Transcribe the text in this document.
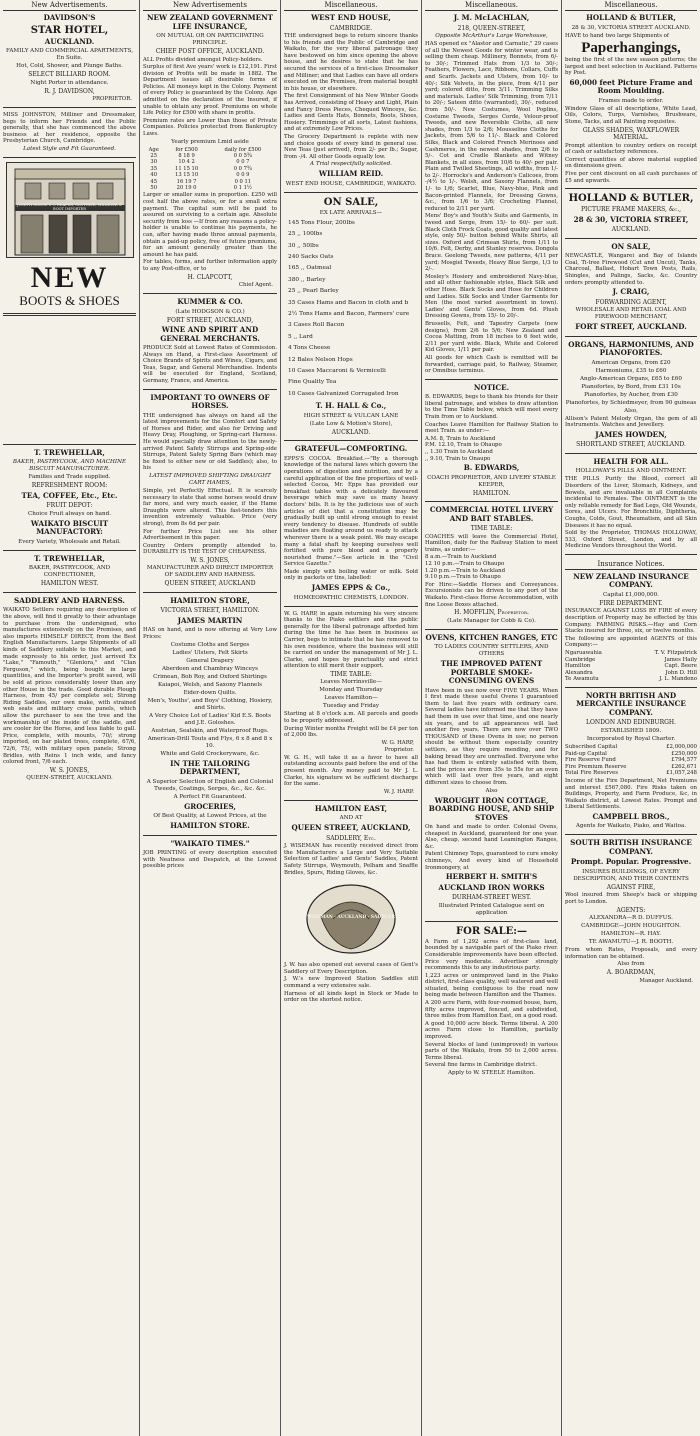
New Advertisements.
DAVIDSON'S
STAR HOTEL,
AUCKLAND.
FAMILY AND COMMERCIAL APARTMENTS, En Suite.
Hot, Cold, Shower, and Plunge Baths.
SELECT BILLIARD ROOM.
Night Porter in attendance.
R. J. DAVIDSON,
PROPRIETOR.
MISS JOHNSTON, Milliner and Dressmaker, begs to inform her Friends and the Public generally, that she has commenced the above business at her residence, opposite the Presbyterian Church, Cambridge.
Latest Style and Fit Guaranteed.
JOSEPH HODGE'S — DRAPER, CLOTHIER, MILLINER & BOOT IMPORTER
NEW
BOOTS & SHOES
T. TREWHELLAR,
BAKER, PASTRYCOOK, AND MACHINE BISCUIT MANUFACTURER.
Families and Trade supplied.
REFRESHMENT ROOM:
TEA, COFFEE, Etc., Etc.
FRUIT DEPOT:
Choice Fruit always on hand.
WAIKATO BISCUIT MANUFACTORY:
Every Variety, Wholesale and Retail.
T. TREWHELLAR,
BAKER, PASTRYCOOK, AND CONFECTIONER,
HAMILTON WEST.
SADDLERY AND HARNESS.
WAIKATO Settlers requiring any description of the above, will find it greatly to their advantage to purchase from the undersigned, who manufactures extensively on the Premises, and also imports HIMSELF DIRECT, from the Best English Manufacturers. Large Shipments of all kinds of Saddlery suitable to this Market, and made expressly to his order, just arrived Ex "Lake," "Famouth," "Glenlora," and "Clan Ferguson," which, being bought in large quantities, and the Importer's profit saved, will be sold at prices considerably lower than any other House in the trade. Good durable Plough Harness, from 45/ per complete set; Strong Riding Saddles, our own make, with strained web seats and military cross panels, which allow the purchaser to see the tree and the workmanship of the inside of the saddle, and are cooler for the Horse, and less liable to gall. Price, complete, with mounts, 70/; strong imported, on bar plated trees, complete, 67/6, 72/6, 75/, with military open panels; Strong Bridles, with Reins 1 inch wide, and fancy colored front, 7/6 each.
W. S. JONES,
QUEEN-STREET, AUCKLAND.
New Advertisements
NEW ZEALAND GOVERNMENT LIFE INSURANCE,
ON MUTUAL OR ON PARTICIPATING PRINCIPLE.
CHIEF POST OFFICE, AUCKLAND.
ALL Profits divided amongst Policy-holders.
Surplus of first Ave years' work is £12,191. First division of Profits will be made in 1882. The Department issues all desirable forms of Policies. All moneys kept in the Colony. Payment of every Policy is guaranteed by the Colony. Age admitted on the declaration of the Insured, if unable to obtain any proof. Premiums on whole Life Policy for £500 with share in profits.
Premium rates are Lower than those of Private Companies. Policies protected from Bankruptcy Laws.
Yearly premium Lmid aside
Age	for £500	daily for £500
25	8 18 9	0 0 5¾
30	10 4 2	0 0 7
35	11 15 10	0 0 7¾
40	13 15 10	0 0 9
45	16 19 7	0 0 11
50	20 19 0	0 1 1½
Larger or smaller sums in proportion. £250 will cost half the above rates, or for a small extra payment. The capital sum will be paid to assured on surviving to a certain age. Absolute security from loss —If from any reasons a policy-holder is unable to continue his payments, he can, after having made three annual payments, obtain a paid-up policy, free of future premiums, for an amount generally greater than the amount he has paid.
For tables, forms, and further information apply to any Post-office, or to
H. CLAPCOTT,
Chief Agent.
KUMMER & CO.
(Late HODGSON & CO.)
FORT STREET, AUCKLAND,
WINE AND SPIRIT AND GENERAL MERCHANTS.
PRODUCE Sold at Lowest Rates of Commission. Always on Hand, a First-class Assortment of Choice Brands of Spirits and Wines, Cigars, and Teas, Sugar, and General Merchandise. Indents will be executed for England, Scotland, Germany, France, and America.
IMPORTANT TO OWNERS OF HORSES.
THE undersigned has always on hand all the latest improvements for the Comfort and Safety of Horses and Rider, and also for Driving and Heavy Dray, Ploughing, or Spring-cart Harness. He would specially draw attention to the newly-arrived Patent Safety Stirrups and Spring-side Stirrups, Patent Safety Spring Bars (which may be fixed to either new or old Saddles); also, to his
LATEST IMPROVED SHIFTING DRAUGHT CART HAMES,
Simple, yet Perfectly Effectual. It is scarcely necessary to state that some horses would draw far more, and very much easier, if the Hame Draughts were altered. This fast-tenders this invention extremely valuable. Price (very strong), from 8s 6d per pair.
For further Price List see his other Advertisement in this paper.
Country Orders promptly attended to. DURABILITY IS THE TEST OF CHEAPNESS.
W. S. JONES,
MANUFACTURER AND DIRECT IMPORTER OF SADDLERY AND HARNESS.
QUEEN STREET, AUCKLAND
HAMILTON STORE,
VICTORIA STREET, HAMILTON.
JAMES MARTIN
HAS on hand, and is now offering at Very Low Prices:
Costume Cloths and Serges
Ladies' Ulsters, Felt Skirts
General Drapery
Aberdeen and Chambray Winceys
Crimean, Bob Roy, and Oxford Shirtings
Kaiapoi, Welsh, and Saxony Flannels
Eider-down Quilts.
Men's, Youths', and Boys' Clothing, Hosiery, and Shirts.
A Very Choice Lot of Ladies' Kid E.S. Boots and J.E. Goloshes.
Austrian, Sealskin, and Waterproof Rugs.
American-Drill Touts and Flys, 6 x 8 and 8 x 10.
White and Gold Crockeryware, &c.
IN THE TAILORING DEPARTMENT,
A Superior Selection of English and Colonial Tweeds, Coatings, Serges, &c., &c. &c.
A Perfect Fit Guaranteed.
GROCERIES,
Of Best Quality, at Lowest Prices, at the
HAMILTON STORE.
"WAIKATO TIMES."
JOB PRINTING of every description executed with Neatness and Despatch, at the Lowest possible prices
Miscellaneous.
WEST END HOUSE,
CAMBRIDGE.
THE undersigned begs to return sincere thanks to his friends and the Public of Cambridge and Waikato, for the very liberal patronage they have bestowed on him since opening the above house, and he desires to state that he has secured the services of a first-class Dressmaker and Milliner; and that Ladies can have all orders executed on the Premises, from material bought in his house, or elsewhere.
The first Consignment of his New Winter Goods has Arrived, consisting of Heavy and Light, Plain and Fancy Dress Pieces, Chequed Winceys, &c. Ladies and Gents Hats, Bonnets, Boots, Shoes, Hosiery. Trimmings of all sorts, Latest fashions, and at extremely Low Prices.
The Grocery Department is replete with new and choice goods of every kind in general use. New Teas (just arrived), from 2/- per lb.; Sugar, from -/4. All other Goods equally low.
A Trial respectfully solicited.
WILLIAM REID.
WEST END HOUSE, CAMBRIDGE, WAIKATO.
ON SALE,
EX LATE ARRIVALS—
145 Tons Flour, 200lbs
25 ,, 100lbs
30 ,, 50lbs
240 Sacks Oats
165 ,, Oatmeal
380 ,, Barley
25 ,, Pearl Barley
35 Cases Hams and Bacon in cloth and b
2½ Tons Hams and Bacon, Farmers' cure
3 Cases Roll Bacon
5 ,, Lard
4 Tons Cheese
12 Bales Nelson Hops
10 Cases Maccaroni & Vermicelli
Fine Quality Tea
10 Cases Galvanized Corrugated Iron
T. H. HALL & Co.,
HIGH STREET & VULCAN LANE
(Late Low & Motion's Store),
AUCKLAND.
GRATEFUL—COMFORTING.
EPPS'S COCOA. Breakfast.—"By a thorough knowledge of the natural laws which govern the operations of digestion and nutrition, and by a careful application of the fine properties of well-selected Cocoa, Mr. Epps has provided our breakfast tables with a delicately flavoured beverage which may save us many heavy doctors' bills. It is by the judicious use of such articles of diet that a constitution may be gradually built up until strong enough to resist every tendency to disease. Hundreds of subtle maladies are floating around us ready to attack wherever there is a weak point. We may escape many a fatal shaft by keeping ourselves well fortified with pure blood and a properly nourished frame."—See article in the "Civil Service Gazette."
Made simply with boiling water or milk. Sold only in packets or tins, labelled:
JAMES EPPS & Co.,
HOMŒOPATHIC CHEMISTS, LONDON.
W. G. HARP, in again returning his very sincere thanks to the Piako settlers and the public generally for the liberal patronage afforded him during the time he has been in business as Carrier, begs to intimate that he has removed to his own residence, where the business will still be carried on under the management of Mr J. L. Clarke, and hopes by punctuality and strict attention to still merit their support.
TIME TABLE:
Leaves Morrinsville—
Monday and Thursday
Leaves Hamilton—
Tuesday and Friday
Starting at 8 o'clock a.m. All parcels and goods to be properly addressed.
During Winter months Freight will be £4 per ton of 2,000 lbs.
W. G. HARP,
Proprietor.
W. G. H., will take it as a favor to have all outstanding accounts paid before the end of the present month. Any money paid to Mr J. L. Clarke, his signature wi be sufficient discharge for the same.
W. J. HARP.
HAMILTON EAST,
AND AT
QUEEN STREET, AUCKLAND,
SADDLERY, Etc.
J. WISEMAN has recently received direct from the Manufacturers a Large and Very Suitable Selection of Ladies' and Gents' Saddles, Patent Safety Stirrups, Weymouth, Pelham and Snaffle Bridles, Spurs, Riding Gloves, &c.
WISEMAN · AUCKLAND · SADDLER
J. W. has also opened out several cases of Gent's Saddlery of Every Description.
J. W.'s new Improved Station Saddles still command a very extensive sale.
Harness of all kinds kept in Stock or Made to order on the shortest notice.
Miscellaneous.
J. M. McLACHLAN,
218, QUEEN-STREET,
Opposite McArthur's Large Warehouse,
HAS opened ex "Alastor and Carnatic," 29 cases of all the Newest Goods for winter wear, and is selling them cheap. Millinery, Bonnets, from 6/- to 30/-; Trimmed Hats from 1/3 to 30/-; Feathers, Flowers, Lace, Ribbons, Collars, Cuffs and Scarfs. Jackets and Ulsters, from 10/- to 40/-; Silk Velvets, in the piece, from 4/11 per yard; colored ditto, from 3/11. Trimming Silks and materials. Ladies' Silk Trimming, from 7/11 to 20/-; Sateen ditto (warranted), 30/-, reduced from 50/-. New Costumes, Wool Poplins, Costume Tweeds, Serges Corde, Velour-proof Tweeds, and new Reversible Cloths, all new shades, from 1/3 to 2/6; Mousseline Cloths for Jackets, from 5/6 to 11/-. Black and Colored Silks, Black and Colored French Merinoes and Cashmeres, in the newest shades, from 2/6 to 5/-. Cot and Cradle Blankets and Witney Blankets, in all sizes, from 10/6 to 40/- per pair. Plain and Twilled Sheetings, all widths, from 1/- to 2/-. Horrocks's and Anderson's Calicoes, from -/4½ to 1/-. Welsh, and Saxony Flannels, from 1/- to 1/6; Scarlet, Blue, Navy-blue, Pink and Bacon-printed Flannels, for Dressing Gowns, &c., from 1/6 to 3/6; Crocheting Flannel, reduced to 2/11 per yard.
Mens' Boy's and Youth's Suits and Garments, in tweed and Serge, from 15/- to 60/- per suit. Black Cloth Frock Coats, good quality and latest style, only 50/- button behind White Shirts, all sizes. Oxford and Crimean Shirts, from 1/11 to 10/6. Felt, Derby, and Stanley reserves. Dongola Brace. Geelong Tweeds, new patterns, 4/11 per yard; Mosgiel Tweeds, Heavy Blue Serge, 1/3 to 2/-.
Mosley's Hosiery and embroidered Navy-blue, and all other fashionable styles, Black Silk and other Hose. Black Socks and Hose for Children and Ladies. Silk Socks and Under Garments for Men (the most varied assortment in town). Ladies' and Gents' Gloves, from 6d. Plush Dressing Gowns, from 15/- to 20/-.
Brussells, Felt, and Tapestry Carpets (new designs), from 2/6 to 5/6; New Zealand and Cocoa Matting, from 18 inches to 6 feet wide, 2/11 per yard wide. Black, White and Colored Kid Gloves, 1/11 per pair.
All goods for which Cash is remitted will be forwarded, carriage paid, to Railway, Steamer, or Omnibus terminus.
NOTICE.
B. EDWARDS, begs to thank his friends for their liberal patronage, and wishes to draw attention to the Time Table below, which will meet every Train from or to Auckland.
Coaches Leave Hamilton for Railway Station to meet Train. as under:—
A.M. 8, Train to Auckland
P.M. 12.10, Train to Ohaupo
,, 1.30 Train to Auckland
,, 9.10, Train to Onaupo
B. EDWARDS,
COACH PROPRIETOR, AND LIVERY STABLE KEEPER,
HAMILTON.
COMMERCIAL HOTEL LIVERY AND BAIT STABLES.
TIME TABLE:
COACHES will leave the Commercial Hotel, Hamilton, daily for the Railway Station to meet trains, as under:—
8 a.m.—Train to Auckland
12 10 p.m.—Train to Ohaupo
1.20 p.m.—Train to Auckland
9.10 p.m.—Train to Ohaupo
For Hire:—Saddle Horses and Conveyances. Excursionists can be driven to any port of the Waikato. First-class Horse Accommodation, with fine Loose Boxes attached.
H. MOFFLIN, Proprietor.
(Late Manager for Cobb & Co).
OVENS, KITCHEN RANGES, ETC
TO LADIES COUNTRY SETTLERS, AND OTHERS
THE IMPROVED PATENT PORTABLE SMOKE-CONSUMING OVENS
Have been in use now over FIVE YEARS. When I first made these useful Ovens I guaranteed them to last five years with ordinary care. Several ladies have informed me that they have had them in use over that time, and one nearly six years, and to all appearances will last another five years. There are now over TWO THOUSAND of these Ovens in use; no person should be without them especially country settlers, as they require mending, and for baking bread they are unrivalled. Everyone who has had them is entirely satisfied with them, and the prices are from 35s to 55s for an oven which will last over five years, and eight different sizes to choose from.
Also
WROUGHT IRON COTTAGE, BOARDING HOUSE, AND SHIP STOVES
On hand and made to order. Colonial Ovens, cheapest in Auckland, guaranteed for one year. Also, cheap, second hand Leamington Ranges, &c.
Patent Chimney Tops, guaranteed to cure smoky chimneys, And every kind of Household Ironmongery, at
HERBERT H. SMITH'S
AUCKLAND IRON WORKS
DURHAM-STREET WEST.
Illustrated Printed Catalogue sent on application
FOR SALE:—
A Farm of 1,292 acres of first-class land, bounded by a navigable part of the Piako river. Considerable improvements have been effected. Price very moderate. Advertiser strongly recommends this to any industrious party.
1,223 acres or unimproved land in the Piako district, first-class quality, well watered and well situated, being contiguous to the road now being made between Hamilton and the Thames.
A 200 acre Farm, with four-roomed house, barn, fifty acres improved, fenced, and subdivided, three miles from Hamilton East, on a good road.
A good 10,000 acre block. Terms liberal. A 200 acres Farm close to Hamilton, partially improved.
Several blocks of land (unimproved) in various parts of the Waikato, from 50 to 2,000 acres. Terms liberal.
Several fine farms in Cambridge district.
Apply to W. STEELE Hamilton.
Miscellaneous.
HOLLAND & BUTLER,
28 & 30, VICTORIA STREET AUCKLAND.
HAVE to hand two large Shipments of
Paperhangings,
being the first of the new season patterns; the largest and best selection in Auckland. Patterns by Post.
60,000 feet Picture Frame and Room Moulding.
Frames made to order.
Window Glass of all descriptions, White Lead, Oils, Colors, Turps, Varnishes, Brushware, Stone, Tacks, and all Painting requisites.
GLASS SHADES, WAXFLOWER MATERIAL.
Prompt attention to country orders on receipt of cash or satisfactory references.
Correct quantities of above material supplied on dimensions given.
Five per cent discount on all cash purchases of £5 and upwards.
HOLLAND & BUTLER,
PICTURE FRAME MAKERS, &c.,
28 & 30, VICTORIA STREET,
AUCKLAND.
ON SALE,
NEWCASTLE, Wangarei and Bay of Islands Coal, Ti-tree Firewood (Cut and Uncut), Tanks, Charcoal, Ballast, Hobart Town Posts, Rails, Shingles, and Palings, Sacks, &c. Country orders promptly attended to.
J. CRAIG,
FORWARDING AGENT,
WHOLESALE AND RETAIL COAL AND FIREWOOD MERCHANT,
FORT STREET, AUCKLAND.
ORGANS, HARMONIUMS, AND PIANOFORTES.
American Organs, from £20
Harmoniums, £35 to £60
Anglo-American Organs, £65 to £60
Pianofortes, by Bord, from £31 10s
Pianofortes, by Aucher, from £30
Pianofortes, by Schiedmeyer, from 90 guineas
Also,
Allison's Patent Melody Organ, the gem of all Instruments. Watches and Jewellery.
JAMES HOWDEN,
SHORTLAND STREET, AUCKLAND.
HEALTH FOR ALL.
HOLLOWAY'S PILLS AND OINTMENT.
THE PILLS Purify the Blood, correct all Disorders of the Liver, Stomach, Kidneys, and Bowels, and are invaluable in all Complaints incidental to Females. The OINTMENT is the only reliable remedy for Bad Legs, Old Wounds, Sores, and Ulcers. For Bronchitis, Diphtheria, Coughs, Colds, Gout, Rheumatism, and all Skin Diseases it has no equal.
Sold by the Proprietor, THOMAS HOLLOWAY, 533, Oxford Street, London, and by all Medicine Vendors throughout the World.
Insurance Notices.
NEW ZEALAND INSURANCE COMPANY.
Capital £1,000,000.
FIRE DEPARTMENT.
INSURANCE AGAINST LOSS BY FIRE of every description of Property may be effected by this Company. FARMING RISKS.—Hay and Corn Stacks insured for three, six, or twelve months.
The following are appointed AGENTS of this Company:—
Ngaruawahia	T. V. Fitzpatrick
Cambridge	James Haily
Hamilton	Capt. Beere
Alexandra	John D. Hill
Te Awamutu	J. L. Mandeno
NORTH BRITISH AND MERCANTILE INSURANCE COMPANY.
LONDON AND EDINBURGH.
ESTABLISHED 1809.
Incorporated by Royal Charter.
Subscribed Capital	£2,000,000
Paid-up Capital	£250,000
Fire Reserve Fund	£794,577
Fire Premium Reserve	£262,671
Total Fire Reserves	£1,057,248
Income of the Fire Department, Net Premiums and interest £567,080. Fire Risks taken on Buildings, Property, and Farm Produce, &c, in Waikato district, at Lowest Rates. Prompt and Liberal Settlements.
CAMPBELL BROS.,
Agents for Waikato, Piako, and Waitoa.
SOUTH BRITISH INSURANCE COMPANY.
Prompt. Popular. Progressive.
INSURES BUILDINGS, OF EVERY DESCRIPTION, AND THEIR CONTENTS
AGAINST FIRE,
Wool insured from Sheep's back or shipping port to London.
AGENTS:
ALEXANDRA—R D. DUFFUS.
CAMBRIDGE—JOHN HOUGHTON.
HAMILTON—R. HAY.
TE AWAMUTU—J. R. BOOTH.
From whom Rates, Proposals, and every information can be obtained.
Also from
A. BOARDMAN,
Manager Auckland.
